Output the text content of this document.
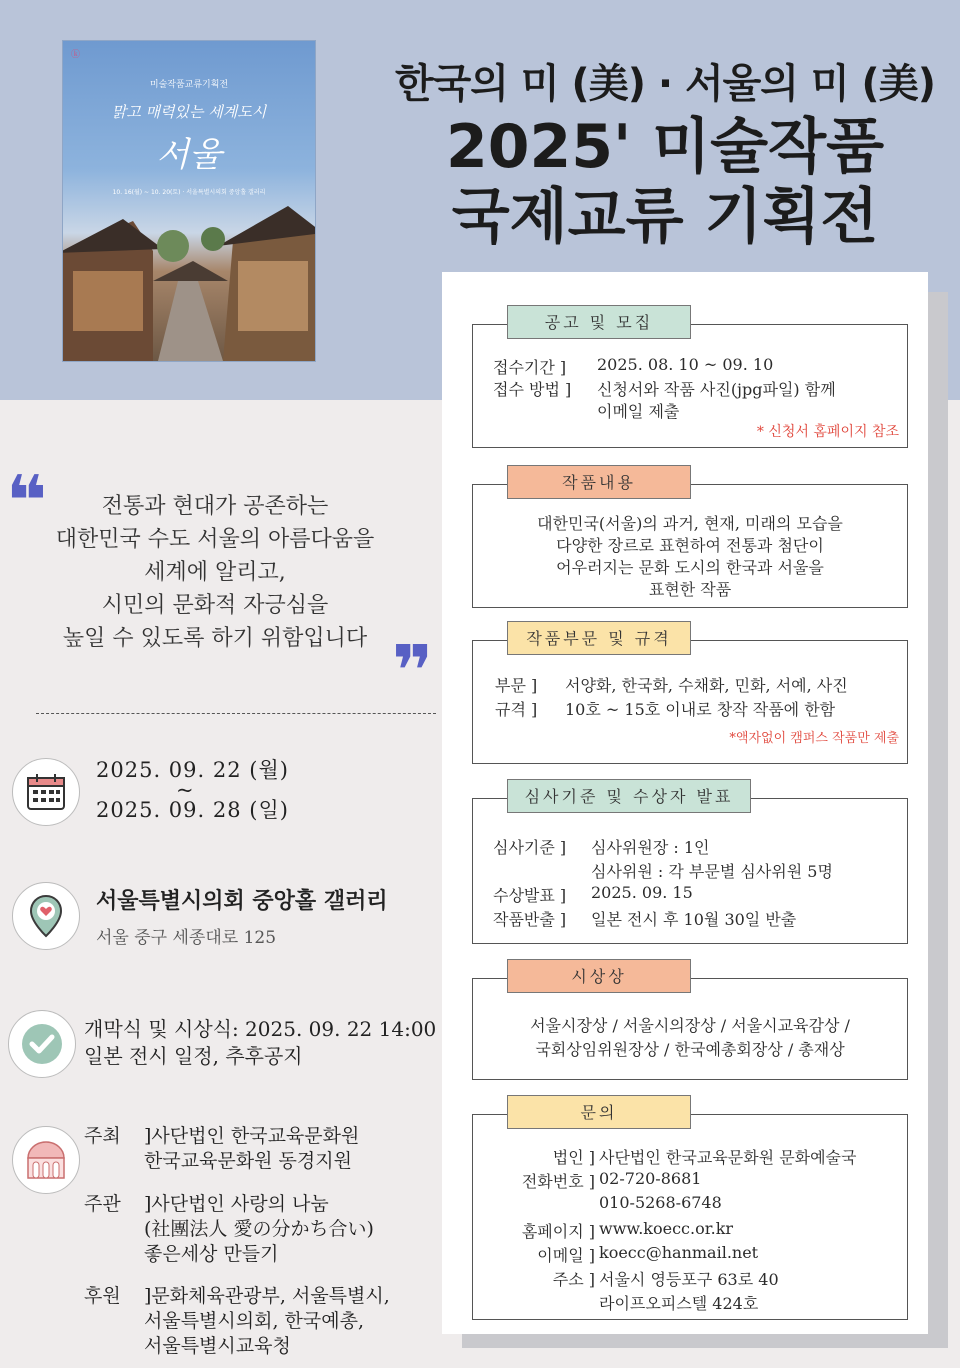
ⓚ
미술작품교류기획전
맑고 매력있는 세계도시
서울
10. 16(월) ~ 10. 20(토) · 서울특별시의회 중앙홀 갤러리
한국의 미 (美) · 서울의 미 (美)
2025' 미술작품
국제교류 기획전
공고 및 모집
접수기간 ] 2025. 08. 10 ~ 09. 10
접수 방법 ] 신청서와 작품 사진(jpg파일) 함께
이메일 제출
* 신청서 홈페이지 참조
작품내용
대한민국(서울)의 과거, 현재, 미래의 모습을
다양한 장르로 표현하여 전통과 첨단이
어우러지는 문화 도시의 한국과 서울을
표현한 작품
작품부문 및 규격
부문 ] 서양화, 한국화, 수채화, 민화, 서예, 사진
규격 ] 10호 ~ 15호 이내로 창작 작품에 한함
*액자없이 캠퍼스 작품만 제출
심사기준 및 수상자 발표
심사기준 ] 심사위원장 : 1인
심사위원 : 각 부문별 심사위원 5명
수상발표 ] 2025. 09. 15
작품반출 ] 일본 전시 후 10월 30일 반출
시상상
서울시장상 / 서울시의장상 / 서울시교육감상 /
국회상임위원장상 / 한국예총회장상 / 총재상
문의
법인 ] 사단법인 한국교육문화원 문화예술국
전화번호 ] 02-720-8681
010-5268-6748
홈페이지 ] www.koecc.or.kr
이메일 ] koecc@hanmail.net
주소 ] 서울시 영등포구 63로 40
라이프오피스텔 424호
❝	전통과 현대가 공존하는
대한민국 수도 서울의 아름다움을
세계에 알리고,
시민의 문화적 자긍심을
높일 수 있도록 하기 위함입니다 ❞
2025. 09. 22 (월)
~
2025. 09. 28 (일)
서울특별시의회 중앙홀 갤러리
서울 중구 세종대로 125
개막식 및 시상식: 2025. 09. 22 14:00
일본 전시 일정, 추후공지
주최 ]사단법인 한국교육문화원
한국교육문화원 동경지원
주관 ]사단법인 사랑의 나눔
(社團法人 愛の分かち合い)
좋은세상 만들기
후원 ]문화체육관광부, 서울특별시,
서울특별시의회, 한국예총,
서울특별시교육청
